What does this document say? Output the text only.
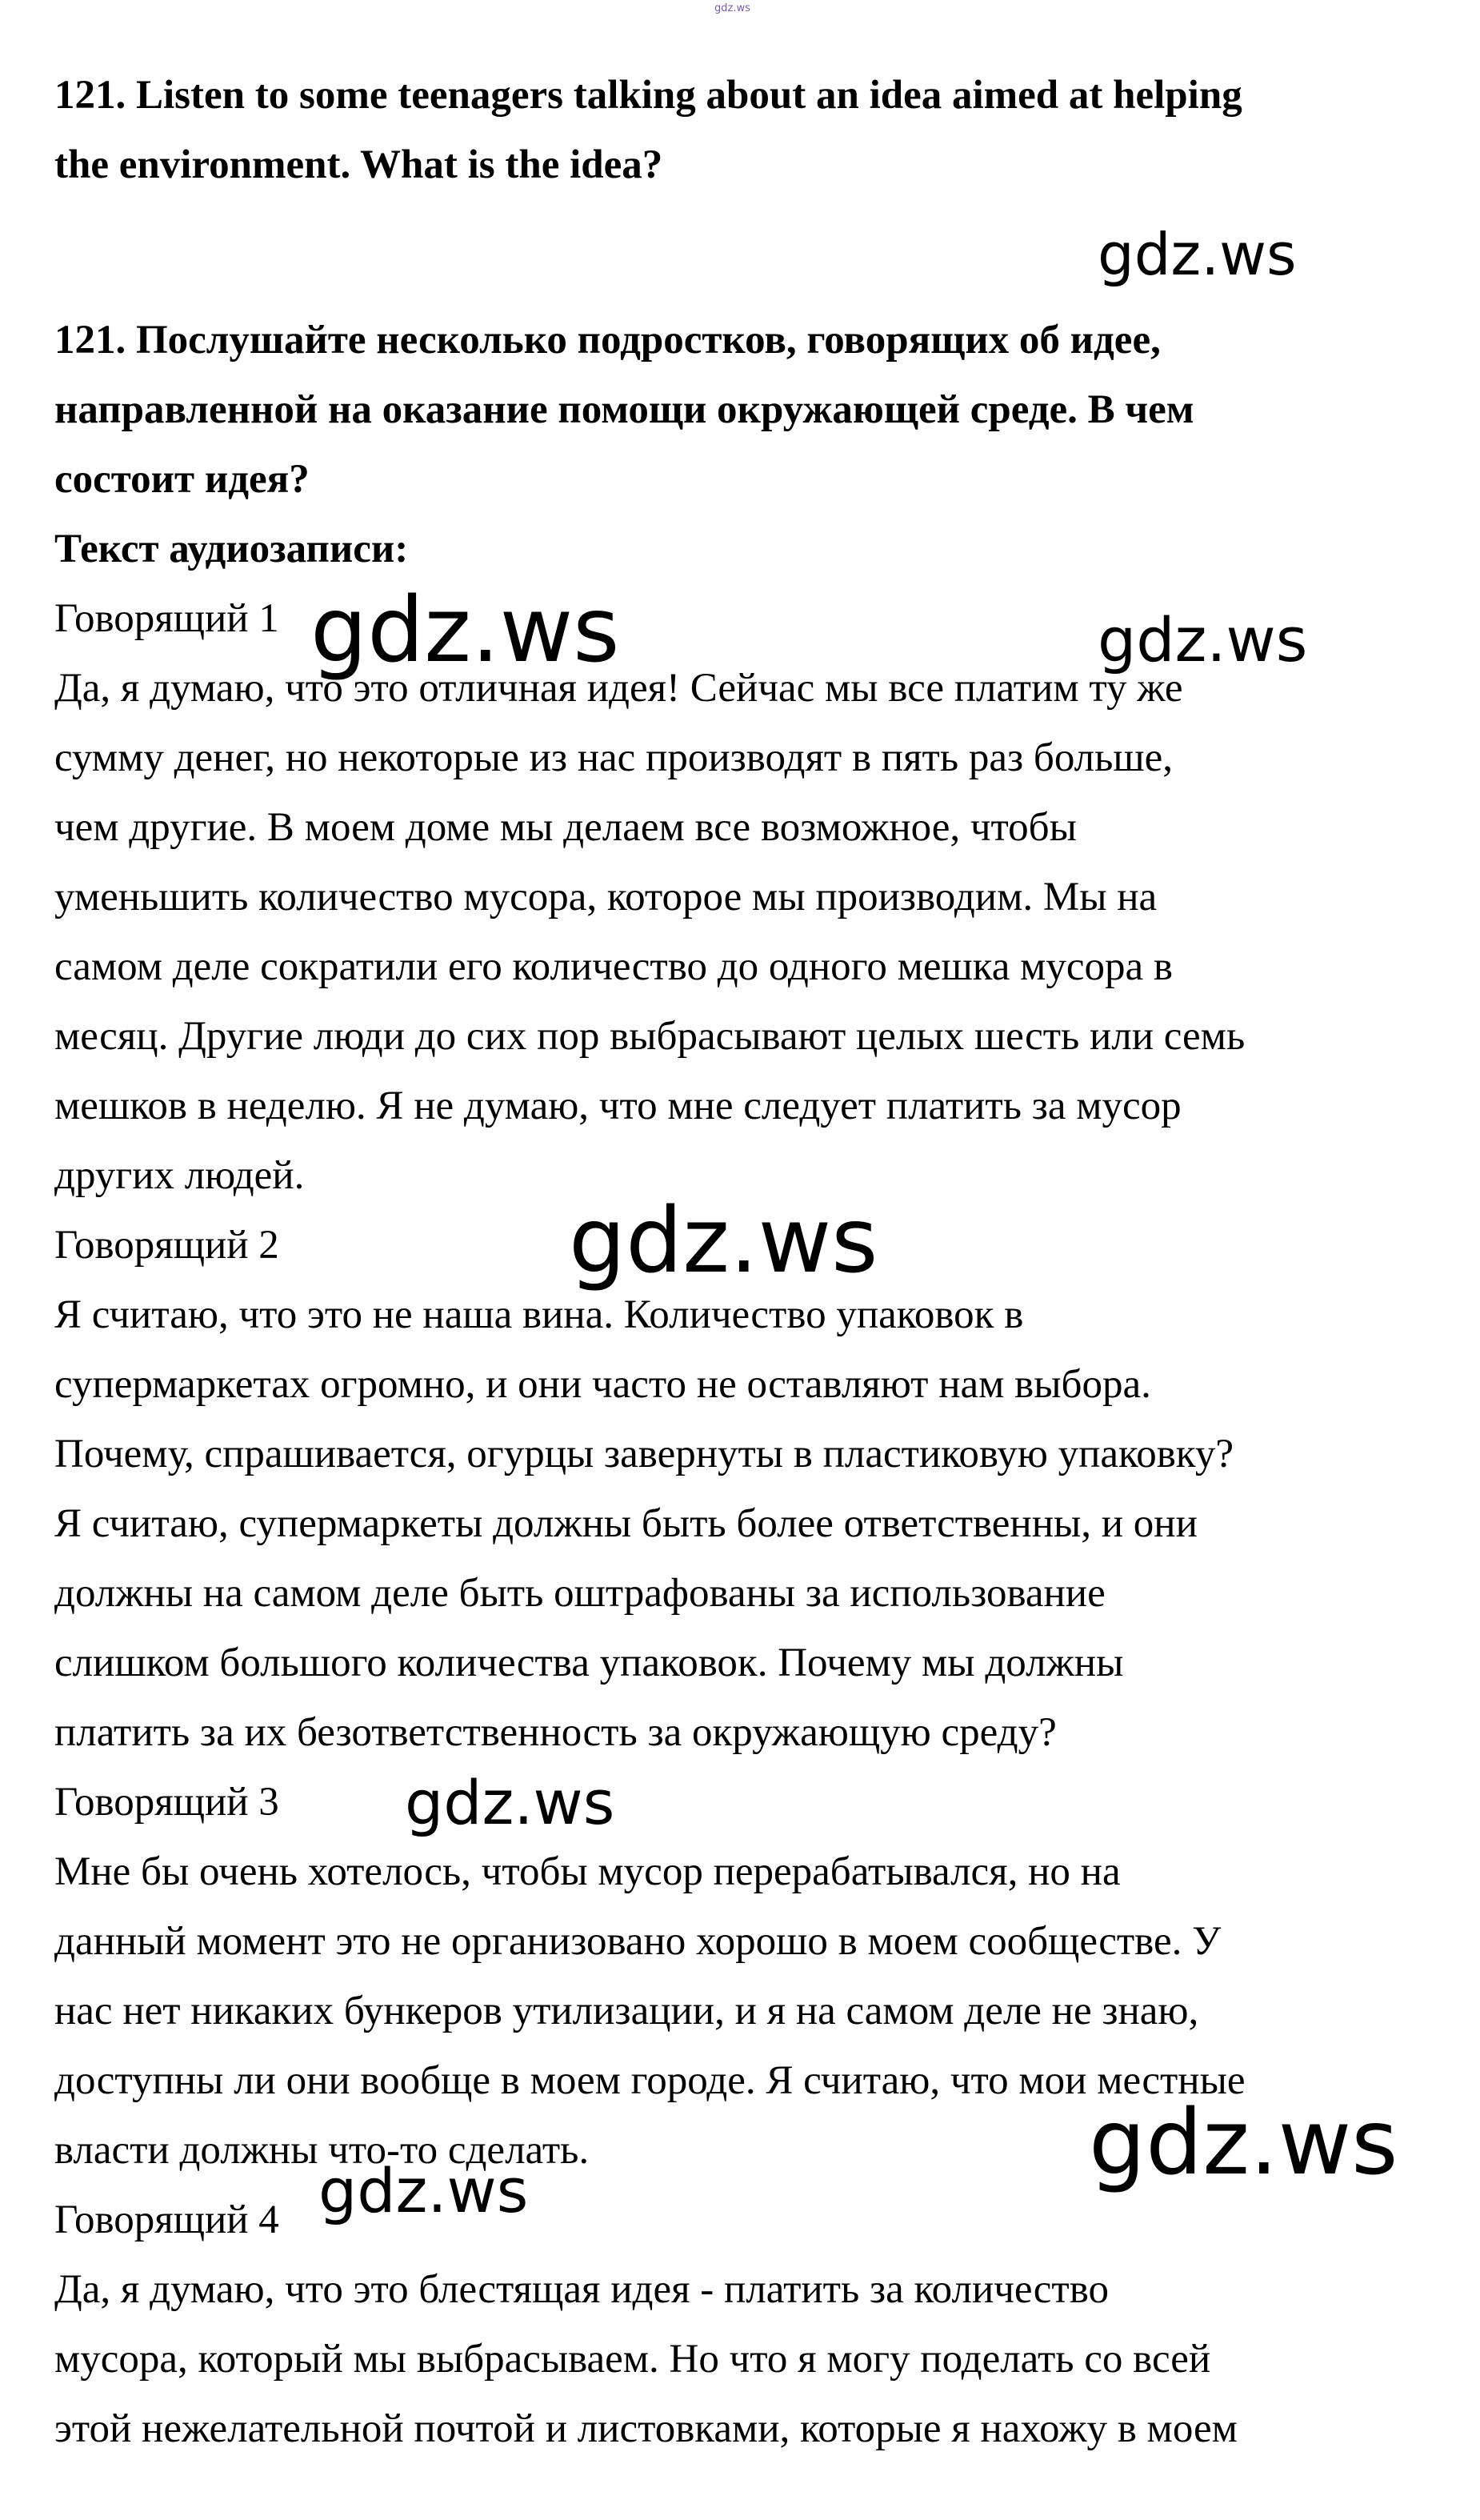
gdz.ws

121. Listen to some teenagers talking about an idea aimed at helping

the environment. What is the idea?

121. Послушайте несколько подростков, говорящих об идее,

направленной на оказание помощи окружающей среде. В чем

состоит идея?

Текст аудиозаписи:

Говорящий 1

Да, я думаю, что это отличная идея! Сейчас мы все платим ту же

сумму денег, но некоторые из нас производят в пять раз больше,

чем другие. В моем доме мы делаем все возможное, чтобы

уменьшить количество мусора, которое мы производим. Мы на

самом деле сократили его количество до одного мешка мусора в

месяц. Другие люди до сих пор выбрасывают целых шесть или семь

мешков в неделю. Я не думаю, что мне следует платить за мусор

других людей.

Говорящий 2

Я считаю, что это не наша вина. Количество упаковок в

супермаркетах огромно, и они часто не оставляют нам выбора.

Почему, спрашивается, огурцы завернуты в пластиковую упаковку?

Я считаю, супермаркеты должны быть более ответственны, и они

должны на самом деле быть оштрафованы за использование

слишком большого количества упаковок. Почему мы должны

платить за их безответственность за окружающую среду?

Говорящий 3

Мне бы очень хотелось, чтобы мусор перерабатывался, но на

данный момент это не организовано хорошо в моем сообществе. У

нас нет никаких бункеров утилизации, и я на самом деле не знаю,

доступны ли они вообще в моем городе. Я считаю, что мои местные

власти должны что-то сделать.

Говорящий 4

Да, я думаю, что это блестящая идея - платить за количество

мусора, который мы выбрасываем. Но что я могу поделать со всей

этой нежелательной почтой и листовками, которые я нахожу в моем

gdz.ws
gdz.ws	gdz.ws
gdz.ws
gdz.ws
gdz.ws
gdz.ws
